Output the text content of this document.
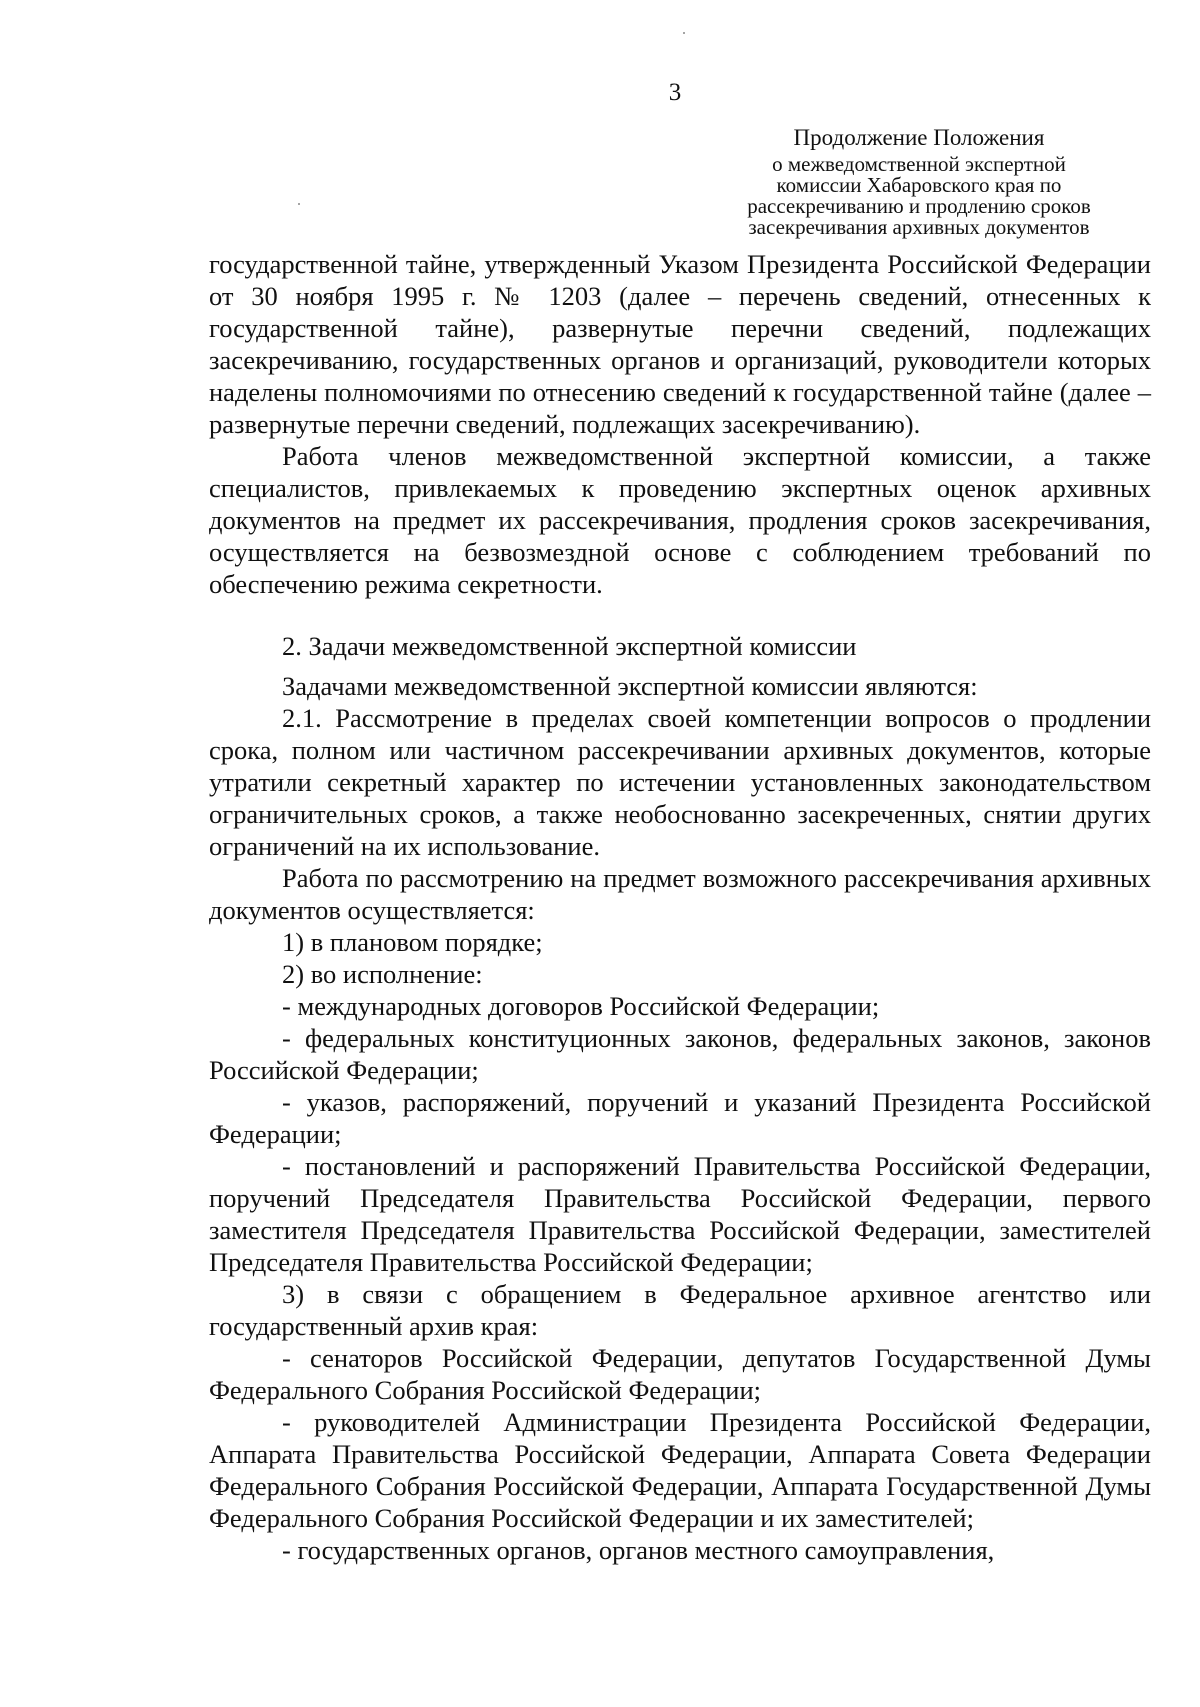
3
Продолжение Положения
о межведомственной экспертной
комиссии Хабаровского края по
рассекречиванию и продлению сроков
засекречивания архивных документов

государственной тайне, утвержденный Указом Президента Российской Федерации от 30 ноября 1995 г. № 1203 (далее – перечень сведений, отнесенных к государственной тайне), развернутые перечни сведений, подлежащих засекречиванию, государственных органов и организаций, руководители которых наделены полномочиями по отнесению сведений к государственной тайне (далее – развернутые перечни сведений, подлежащих засекречиванию).

Работа членов межведомственной экспертной комиссии, а также специалистов, привлекаемых к проведению экспертных оценок архивных документов на предмет их рассекречивания, продления сроков засекречивания, осуществляется на безвозмездной основе с соблюдением требований по обеспечению режима секретности.

2. Задачи межведомственной экспертной комиссии

Задачами межведомственной экспертной комиссии являются:

2.1. Рассмотрение в пределах своей компетенции вопросов о продлении срока, полном или частичном рассекречивании архивных документов, которые утратили секретный характер по истечении установленных законодательством ограничительных сроков, а также необоснованно засекреченных, снятии других ограничений на их использование.

Работа по рассмотрению на предмет возможного рассекречивания архивных документов осуществляется:

1) в плановом порядке;

2) во исполнение:

- международных договоров Российской Федерации;

- федеральных конституционных законов, федеральных законов, законов Российской Федерации;

- указов, распоряжений, поручений и указаний Президента Российской Федерации;

- постановлений и распоряжений Правительства Российской Федерации, поручений Председателя Правительства Российской Федерации, первого заместителя Председателя Правительства Российской Федерации, заместителей Председателя Правительства Российской Федерации;

3) в связи с обращением в Федеральное архивное агентство или государственный архив края:

- сенаторов Российской Федерации, депутатов Государственной Думы Федерального Собрания Российской Федерации;

- руководителей Администрации Президента Российской Федерации, Аппарата Правительства Российской Федерации, Аппарата Совета Федерации Федерального Собрания Российской Федерации, Аппарата Государственной Думы Федерального Собрания Российской Федерации и их заместителей;

- государственных органов, органов местного самоуправления,
